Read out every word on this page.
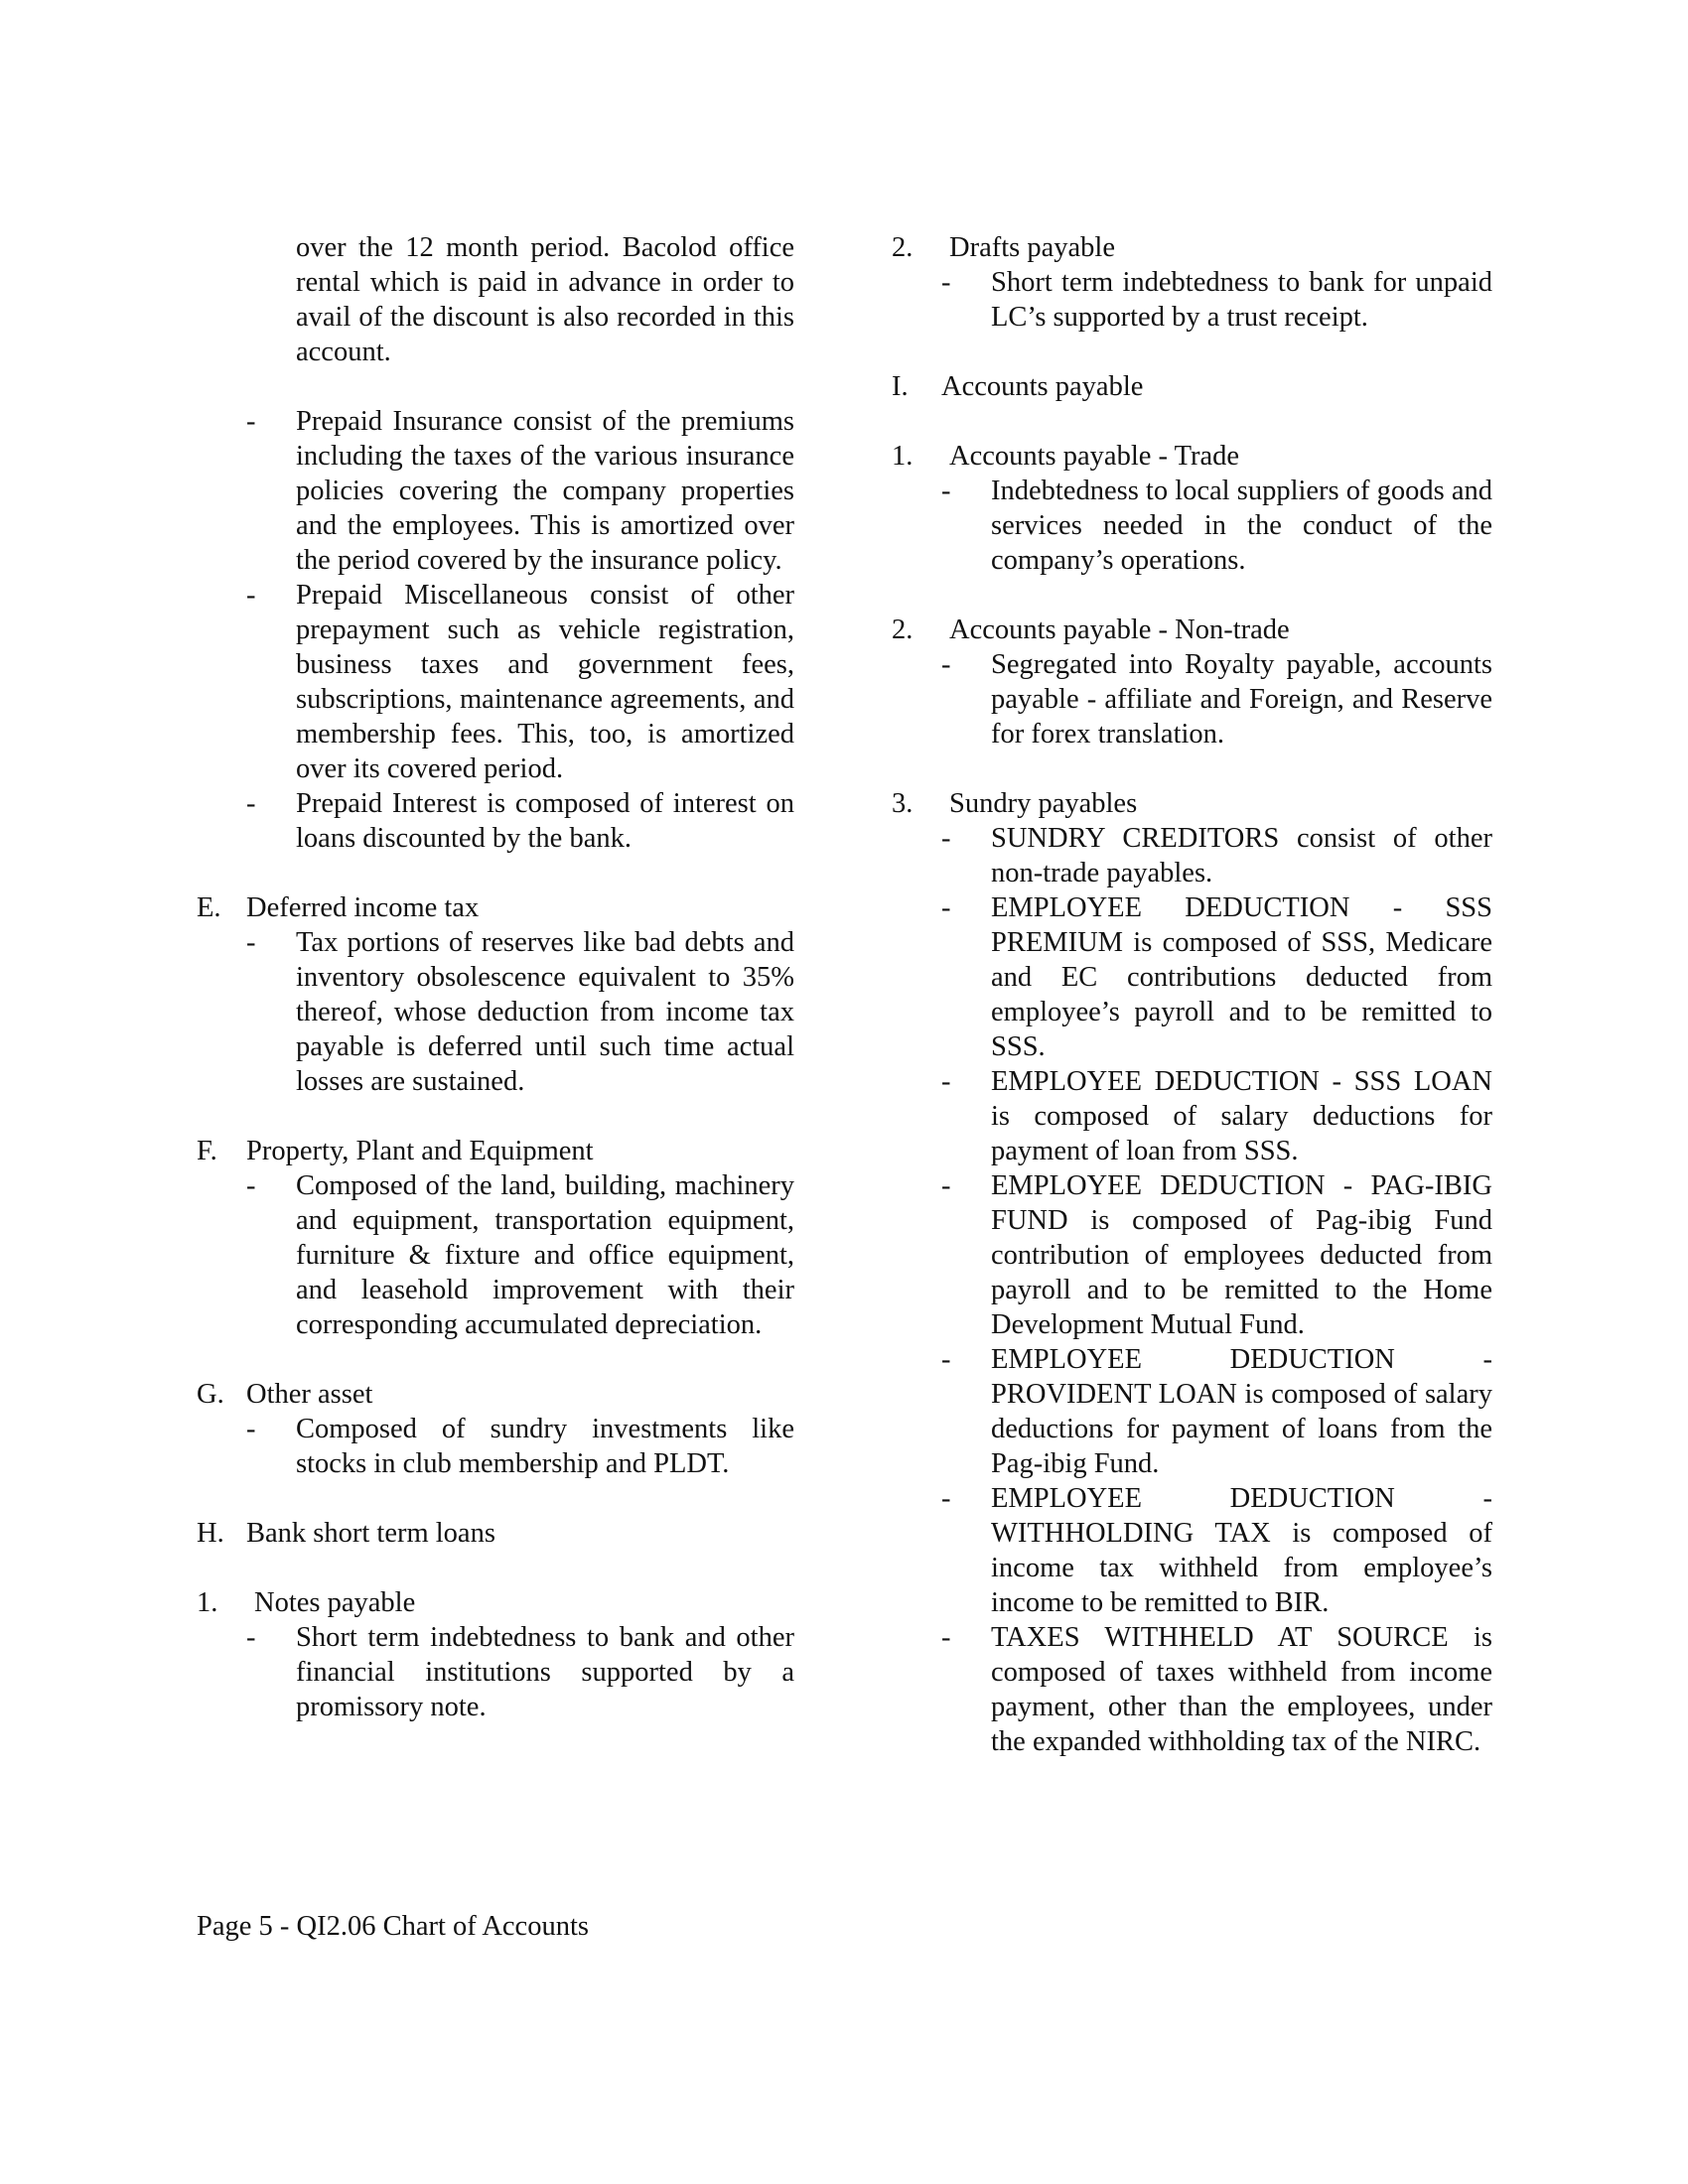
over the 12 month period. Bacolod office rental which is paid in advance in order to avail of the discount is also recorded in this account.
- Prepaid Insurance consist of the premiums including the taxes of the various insurance policies covering the company properties and the employees. This is amortized over the period covered by the insurance policy.
- Prepaid Miscellaneous consist of other prepayment such as vehicle registration, business taxes and government fees, subscriptions, maintenance agreements, and membership fees. This, too, is amortized over its covered period.
- Prepaid Interest is composed of interest on loans discounted by the bank.
E. Deferred income tax
- Tax portions of reserves like bad debts and inventory obsolescence equivalent to 35% thereof, whose deduction from income tax payable is deferred until such time actual losses are sustained.
F. Property, Plant and Equipment
- Composed of the land, building, machinery and equipment, transportation equipment, furniture & fixture and office equipment, and leasehold improvement with their corresponding accumulated depreciation.
G. Other asset
- Composed of sundry investments like stocks in club membership and PLDT.
H. Bank short term loans
1. Notes payable
- Short term indebtedness to bank and other financial institutions supported by a promissory note.
2. Drafts payable
- Short term indebtedness to bank for unpaid LC’s supported by a trust receipt.
I. Accounts payable
1. Accounts payable - Trade
- Indebtedness to local suppliers of goods and services needed in the conduct of the company’s operations.
2. Accounts payable - Non-trade
- Segregated into Royalty payable, accounts payable - affiliate and Foreign, and Reserve for forex translation.
3. Sundry payables
- SUNDRY CREDITORS consist of other non-trade payables.
- EMPLOYEE DEDUCTION - SSS PREMIUM is composed of SSS, Medicare and EC contributions deducted from employee’s payroll and to be remitted to SSS.
- EMPLOYEE DEDUCTION - SSS LOAN is composed of salary deductions for payment of loan from SSS.
- EMPLOYEE DEDUCTION - PAG-IBIG FUND is composed of Pag-ibig Fund contribution of employees deducted from payroll and to be remitted to the Home Development Mutual Fund.
- EMPLOYEE DEDUCTION - PROVIDENT LOAN is composed of salary deductions for payment of loans from the Pag-ibig Fund.
- EMPLOYEE DEDUCTION - WITHHOLDING TAX is composed of income tax withheld from employee’s income to be remitted to BIR.
- TAXES WITHHELD AT SOURCE is composed of taxes withheld from income payment, other than the employees, under the expanded withholding tax of the NIRC.
Page 5 - QI2.06 Chart of Accounts
